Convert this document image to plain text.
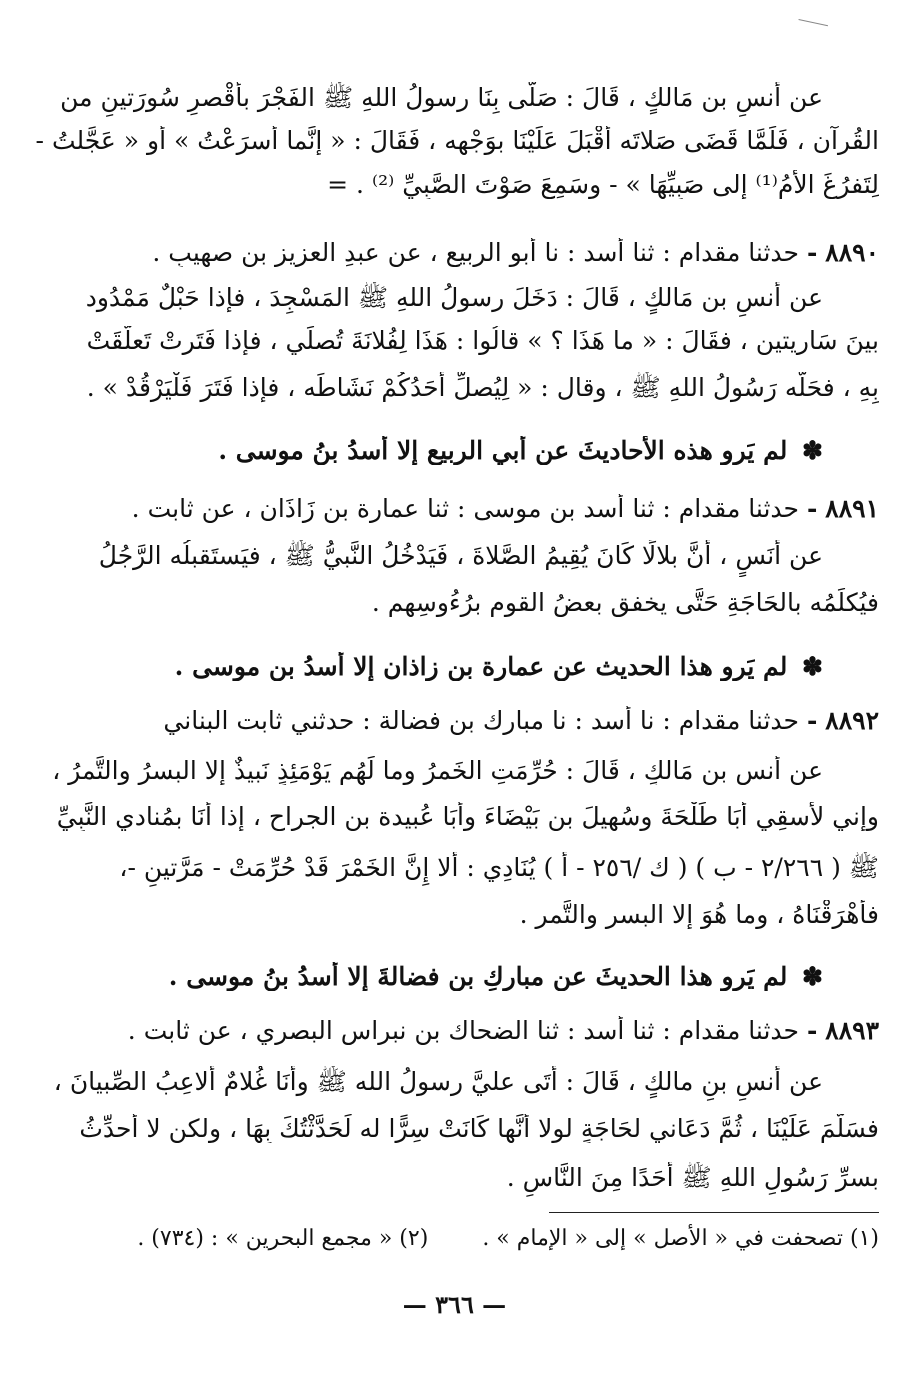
عن أنسِ بن مَالكٍ ، قَالَ : صَلَّى بِنَا رسولُ اللهِ ﷺ الفَجْرَ بأَقْصرِ سُورَتينِ من
القُرآن ، فَلَمَّا قَضَى صَلاتَه أَقْبَلَ عَلَيْنَا بوَجْهِه ، فَقَالَ : « إِنَّما أَسرَعْتُ » أو « عَجَّلتُ -
لِتَفرُغَ الأمُ⁽¹⁾ إلى صَبِيِّهَا » - وسَمِعَ صَوْتَ الصَّبِيِّ ⁽²⁾ . =
٨٨٩٠ - حدثنا مقدام : ثنا أسد : نا أبو الربيع ، عن عبدِ العزيز بن صهيبٍ .
عن أنسِ بن مَالكٍ ، قَالَ : دَخَلَ رسولُ اللهِ ﷺ المَسْجِدَ ، فإذا حَبْلٌ مَمْدُود
بينَ سَاريتينِ ، فقَالَ : « ما هَذَا ؟ » قالُوا : هَذَا لِفُلانَةَ تُصلِّي ، فإذا فَتَرتْ تَعلَّقَتْ
بِهِ ، فحَلَّه رَسُولُ اللهِ ﷺ ، وقال : « لِيُصلِّ أَحَدُكُمْ نَشَاطَه ، فإذا فَتَرَ فَلْيَرْقُدْ » .
✽ لم يَروِ هذه الأحاديثَ عن أبي الربيع إلا أسدُ بنُ موسى .
٨٨٩١ - حدثنا مقدام : ثنا أسد بن موسى : ثنا عمارة بن زَاذَان ، عن ثابت .
عن أَنَسٍ ، أَنَّ بلالًا كَانَ يُقِيمُ الصَّلاةَ ، فَيَدْخُلُ النَّبيُّ ﷺ ، فيَستَقبلُه الرَّجُلُ
فيُكلِّمُه بالحَاجَةِ حَتَّى يخفق بعضُ القومِ برُءُوسِهم .
✽ لم يَروِ هذا الحديث عن عمارة بن زاذان إلا أسدُ بن موسى .
٨٨٩٢ - حدثنا مقدام : نا أسد : نا مبارك بن فضالة : حدثني ثابت البناني
عن أنسِ بن مَالكٍ ، قَالَ : حُرِّمَتِ الخَمرُ وما لَهُم يَوْمَئِذٍ نَبيذٌ إلا البسرُ والتَّمرُ ،
وإني لأَسقِي أَبَا طَلْحَةَ وسُهيلَ بن بَيْضَاءَ وأَبَا عُبيدة بن الجراح ، إذا أَنَا بمُنادي النَّبِيِّ
ﷺ ( ٢/٢٦٦ - ب ) ( ك /٢٥٦ - أ ) يُنَادِي : أَلا إِنَّ الخَمْرَ قَدْ حُرِّمَتْ - مَرَّتينِ -،
فأَهْرَقْنَاهُ ، وما هُوَ إلا البسر والتَّمر .
✽ لم يَروِ هذا الحديثَ عن مباركِ بن فضالةَ إلا أسدُ بنُ موسى .
٨٨٩٣ - حدثنا مقدام : ثنا أسد : ثنا الضحاك بن نبراس البصري ، عن ثابت .
عن أنسِ بنِ مالكٍ ، قَالَ : أَتَى عليَّ رسولُ الله ﷺ وأَنَا غُلامٌ أُلاعِبُ الصِّبيانَ ،
فسَلَّمَ عَلَيْنَا ، ثُمَّ دَعَاني لحَاجَةٍ لولا أنَّها كَانَتْ سِرًّا له لَحَدَّثْتُكَ بِهَا ، ولكن لا أُحدِّثُ
بسرِّ رَسُولِ اللهِ ﷺ أَحَدًا مِنَ النَّاسِ .
(١) تصحفت في « الأصل » إلى « الإمام » .  (٢) « مجمع البحرين » : (٧٣٤) .
— ٣٦٦ —
